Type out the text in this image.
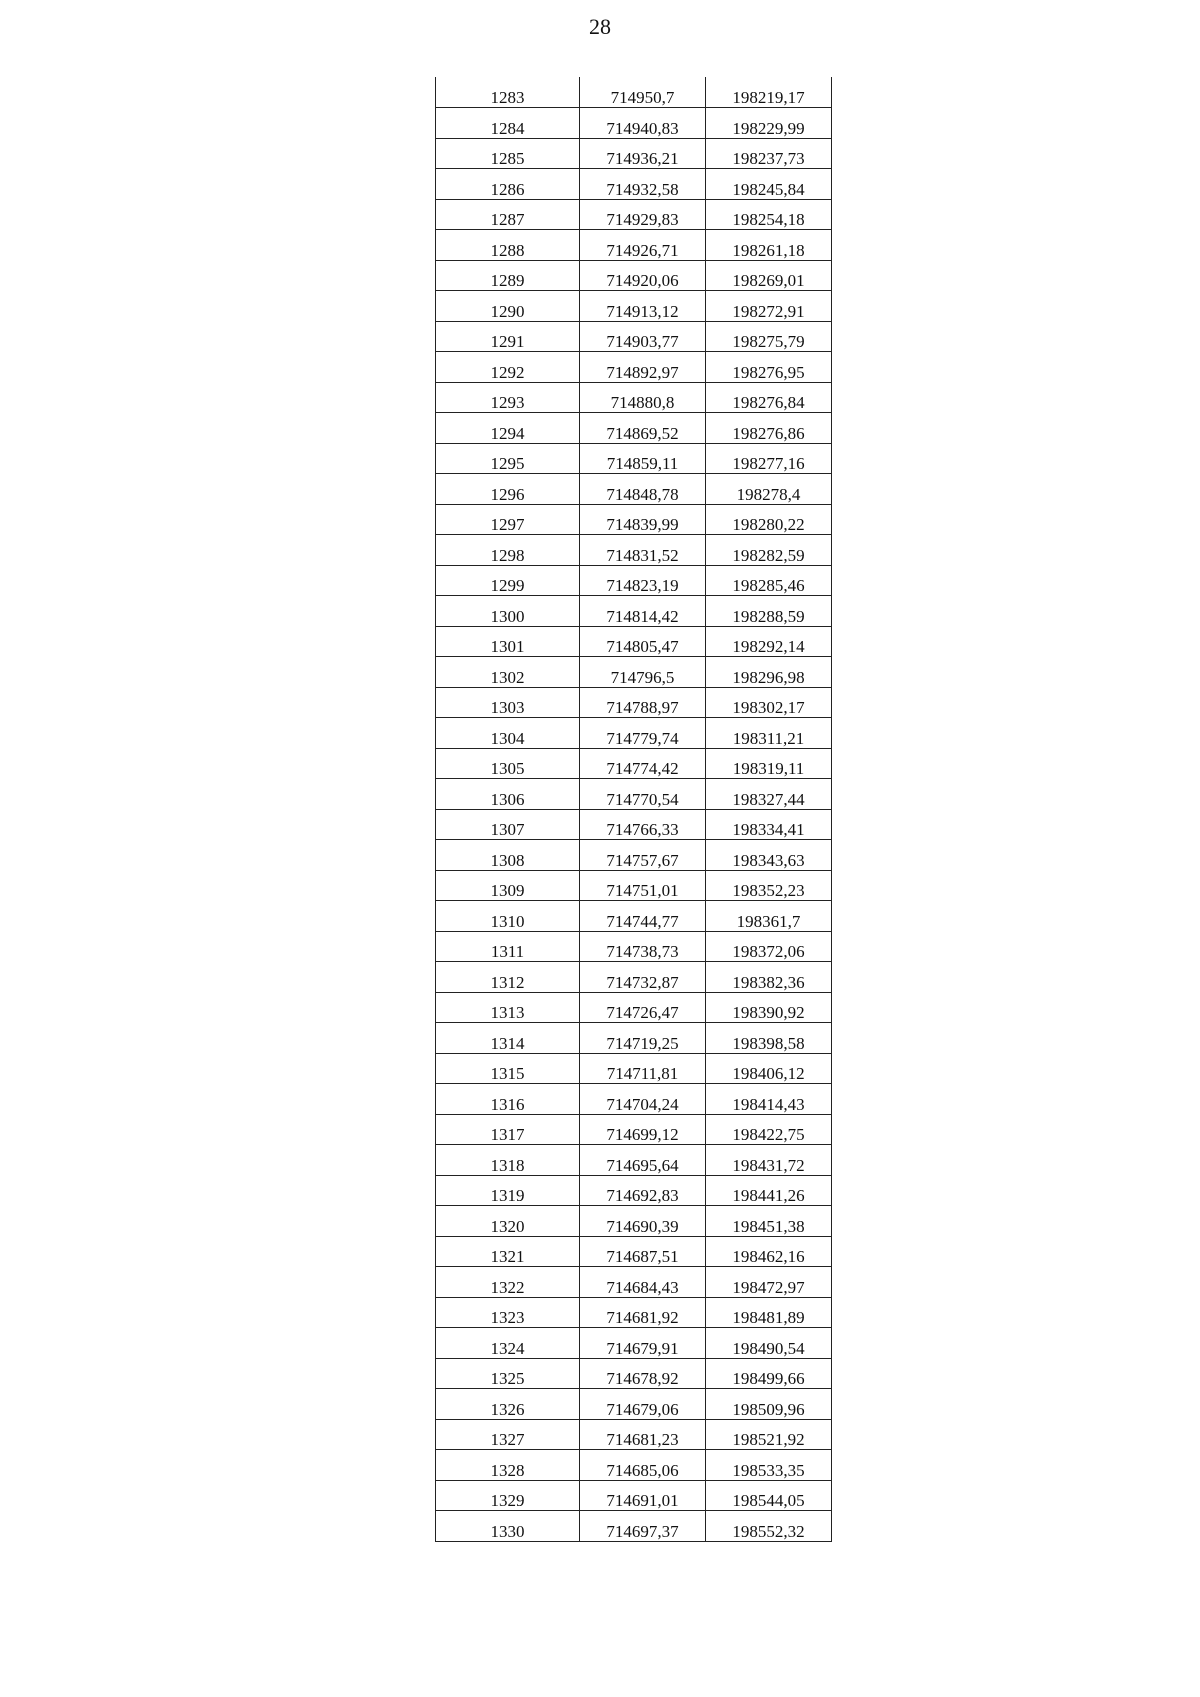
28
1283	714950,7	198219,17
1284	714940,83	198229,99
1285	714936,21	198237,73
1286	714932,58	198245,84
1287	714929,83	198254,18
1288	714926,71	198261,18
1289	714920,06	198269,01
1290	714913,12	198272,91
1291	714903,77	198275,79
1292	714892,97	198276,95
1293	714880,8	198276,84
1294	714869,52	198276,86
1295	714859,11	198277,16
1296	714848,78	198278,4
1297	714839,99	198280,22
1298	714831,52	198282,59
1299	714823,19	198285,46
1300	714814,42	198288,59
1301	714805,47	198292,14
1302	714796,5	198296,98
1303	714788,97	198302,17
1304	714779,74	198311,21
1305	714774,42	198319,11
1306	714770,54	198327,44
1307	714766,33	198334,41
1308	714757,67	198343,63
1309	714751,01	198352,23
1310	714744,77	198361,7
1311	714738,73	198372,06
1312	714732,87	198382,36
1313	714726,47	198390,92
1314	714719,25	198398,58
1315	714711,81	198406,12
1316	714704,24	198414,43
1317	714699,12	198422,75
1318	714695,64	198431,72
1319	714692,83	198441,26
1320	714690,39	198451,38
1321	714687,51	198462,16
1322	714684,43	198472,97
1323	714681,92	198481,89
1324	714679,91	198490,54
1325	714678,92	198499,66
1326	714679,06	198509,96
1327	714681,23	198521,92
1328	714685,06	198533,35
1329	714691,01	198544,05
1330	714697,37	198552,32
